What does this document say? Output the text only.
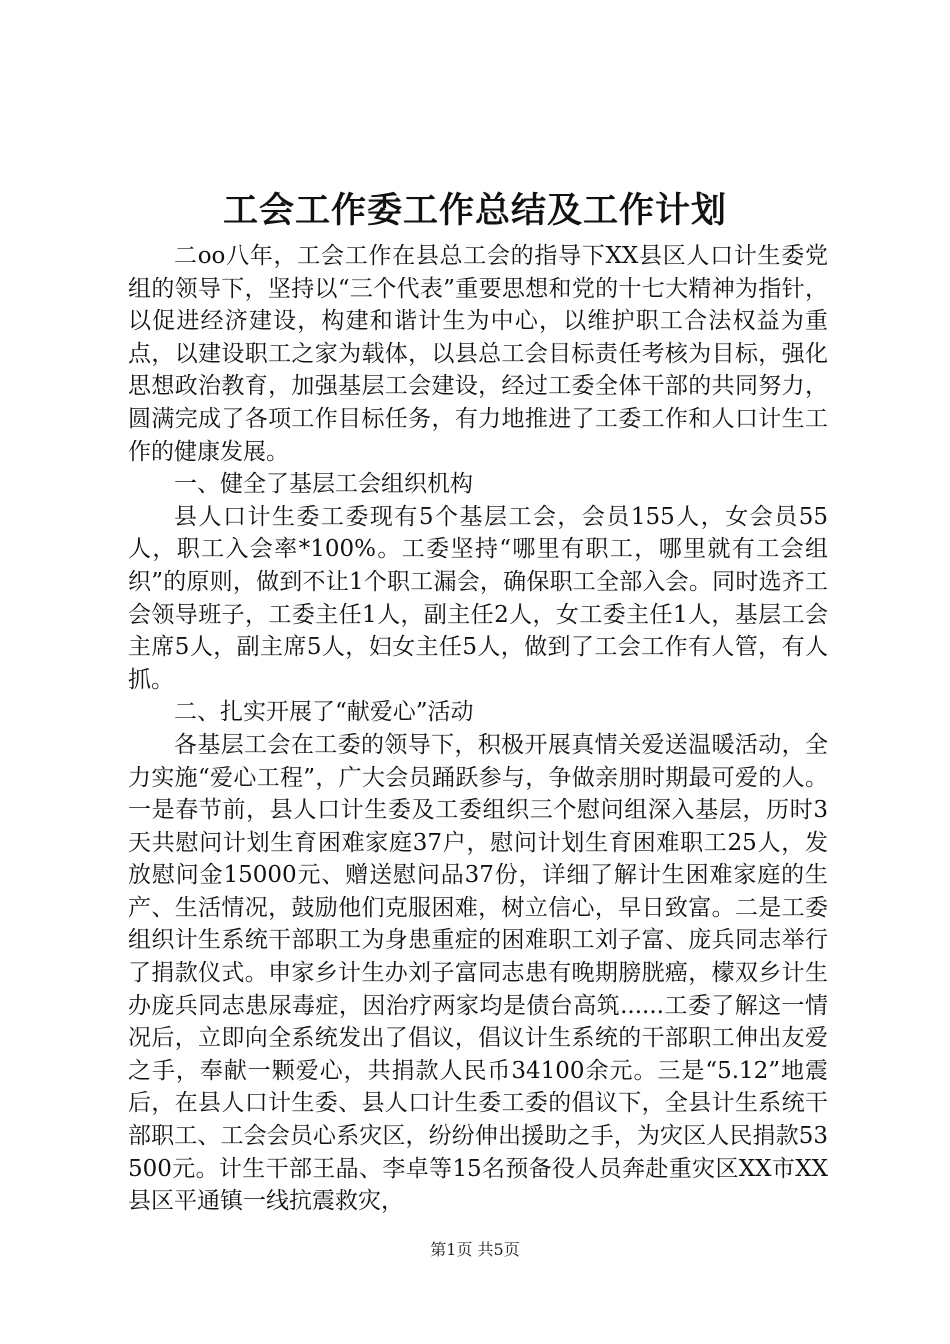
工会工作委工作总结及工作计划

二oo八年，工会工作在县总工会的指导下XX县区人口计生委党组的领导下，坚持以“三个代表”重要思想和党的十七大精神为指针，以促进经济建设，构建和谐计生为中心，以维护职工合法权益为重点，以建设职工之家为载体，以县总工会目标责任考核为目标，强化思想政治教育，加强基层工会建设，经过工委全体干部的共同努力，圆满完成了各项工作目标任务，有力地推进了工委工作和人口计生工作的健康发展。

一、健全了基层工会组织机构

县人口计生委工委现有5个基层工会，会员155人，女会员55人，职工入会率*100%。工委坚持“哪里有职工，哪里就有工会组织”的原则，做到不让1个职工漏会，确保职工全部入会。同时选齐工会领导班子，工委主任1人，副主任2人，女工委主任1人，基层工会主席5人，副主席5人，妇女主任5人，做到了工会工作有人管，有人抓。

二、扎实开展了“献爱心”活动

各基层工会在工委的领导下，积极开展真情关爱送温暖活动，全力实施“爱心工程”，广大会员踊跃参与，争做亲朋时期最可爱的人。一是春节前，县人口计生委及工委组织三个慰问组深入基层，历时3天共慰问计划生育困难家庭37户，慰问计划生育困难职工25人，发放慰问金15000元、赠送慰问品37份，详细了解计生困难家庭的生产、生活情况，鼓励他们克服困难，树立信心，早日致富。二是工委组织计生系统干部职工为身患重症的困难职工刘子富、庞兵同志举行了捐款仪式。申家乡计生办刘子富同志患有晚期膀胱癌，檬双乡计生办庞兵同志患尿毒症，因治疗两家均是债台高筑......工委了解这一情况后，立即向全系统发出了倡议，倡议计生系统的干部职工伸出友爱之手，奉献一颗爱心，共捐款人民币34100余元。三是“5.12”地震后，在县人口计生委、县人口计生委工委的倡议下，全县计生系统干部职工、工会会员心系灾区，纷纷伸出援助之手，为灾区人民捐款53500元。计生干部王晶、李卓等15名预备役人员奔赴重灾区XX市XX县区平通镇一线抗震救灾，

第1页 共5页
